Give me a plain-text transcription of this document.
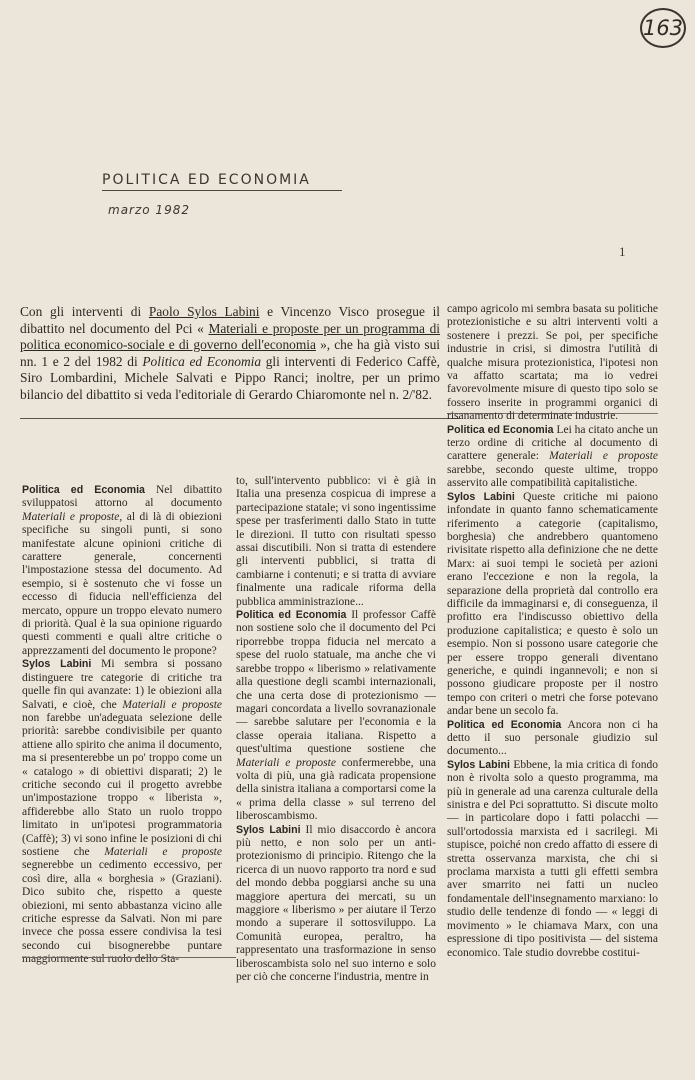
163
POLITICA ED ECONOMIA
marzo 1982
1
Con gli interventi di Paolo Sylos Labini e Vincenzo Visco prosegue il dibattito nel documento del Pci « Materiali e proposte per un programma di politica economico-sociale e di governo dell'economia », che ha già visto sui nn. 1 e 2 del 1982 di Politica ed Economia gli interventi di Federico Caffè, Siro Lombardini, Michele Salvati e Pippo Ranci; inoltre, per un primo bilancio del dibattito si veda l'editoriale di Gerardo Chiaromonte nel n. 2/'82.

Politica ed Economia Nel dibattito sviluppatosi attorno al documento Materiali e proposte, al di là di obiezioni specifiche su singoli punti, si sono manifestate alcune opinioni critiche di carattere generale, concernenti l'impostazione stessa del documento. Ad esempio, si è sostenuto che vi fosse un eccesso di fiducia nell'efficienza del mercato, oppure un troppo elevato numero di priorità. Qual è la sua opinione riguardo questi commenti e quali altre critiche o apprezzamenti del documento le propone?

Sylos Labini Mi sembra si possano distinguere tre categorie di critiche tra quelle fin qui avanzate: 1) le obiezioni alla Salvati, e cioè, che Materiali e proposte non farebbe un'adeguata selezione delle priorità: sarebbe condivisibile per quanto attiene allo spirito che anima il documento, ma si presenterebbe un po' troppo come un « catalogo » di obiettivi disparati; 2) le critiche secondo cui il progetto avrebbe un'impostazione troppo « liberista », affiderebbe allo Stato un ruolo troppo limitato in un'ipotesi programmatoria (Caffè); 3) vi sono infine le posizioni di chi sostiene che Materiali e proposte segnerebbe un cedimento eccessivo, per così dire, alla « borghesia » (Graziani). Dico subito che, rispetto a queste obiezioni, mi sento abbastanza vicino alle critiche espresse da Salvati. Non mi pare invece che possa essere condivisa la tesi secondo cui bisognerebbe puntare maggiormente sul ruolo dello Sta-

to, sull'intervento pubblico: vi è già in Italia una presenza cospicua di imprese a partecipazione statale; vi sono ingentissime spese per trasferimenti dallo Stato in tutte le direzioni. Il tutto con risultati spesso assai discutibili. Non si tratta di estendere gli interventi pubblici, si tratta di cambiarne i contenuti; e si tratta di avviare finalmente una radicale riforma della pubblica amministrazione...

Politica ed Economia Il professor Caffè non sostiene solo che il documento del Pci riporrebbe troppa fiducia nel mercato a spese del ruolo statuale, ma anche che vi sarebbe troppo « liberismo » relativamente alla questione degli scambi internazionali, che una certa dose di protezionismo — magari concordata a livello sovranazionale — sarebbe salutare per l'economia e la classe operaia italiana. Rispetto a quest'ultima questione sostiene che Materiali e proposte confermerebbe, una volta di più, una già radicata propensione della sinistra italiana a comportarsi come la « prima della classe » sul terreno del liberoscambismo.

Sylos Labini Il mio disaccordo è ancora più netto, e non solo per un anti-protezionismo di principio. Ritengo che la ricerca di un nuovo rapporto tra nord e sud del mondo debba poggiarsi anche su una maggiore apertura dei mercati, su un maggiore « liberismo » per aiutare il Terzo mondo a superare il sottosviluppo. La Comunità europea, peraltro, ha rappresentato una trasformazione in senso liberoscambista solo nel suo interno e solo per ciò che concerne l'industria, mentre in

campo agricolo mi sembra basata su politiche protezionistiche e su altri interventi volti a sostenere i prezzi. Se poi, per specifiche industrie in crisi, si dimostra l'utilità di qualche misura protezionistica, l'ipotesi non va affatto scartata; ma io vedrei favorevolmente misure di questo tipo solo se fossero inserite in programmi organici di risanamento di determinate industrie.

Politica ed Economia Lei ha citato anche un terzo ordine di critiche al documento di carattere generale: Materiali e proposte sarebbe, secondo queste ultime, troppo asservito alle compatibilità capitalistiche.

Sylos Labini Queste critiche mi paiono infondate in quanto fanno schematicamente riferimento a categorie (capitalismo, borghesia) che andrebbero quantomeno rivisitate rispetto alla definizione che ne dette Marx: ai suoi tempi le società per azioni erano l'eccezione e non la regola, la separazione della proprietà dal controllo era difficile da immaginarsi e, di conseguenza, il profitto era l'indiscusso obiettivo della produzione capitalistica; e questo è solo un esempio. Non si possono usare categorie che per essere troppo generali diventano generiche, e quindi ingannevoli; e non si possono giudicare proposte per il nostro tempo con criteri o metri che forse potevano andar bene un secolo fa.

Politica ed Economia Ancora non ci ha detto il suo personale giudizio sul documento...

Sylos Labini Ebbene, la mia critica di fondo non è rivolta solo a questo programma, ma più in generale ad una carenza culturale della sinistra e del Pci soprattutto. Si discute molto — in particolare dopo i fatti polacchi — sull'ortodossia marxista ed i sacrilegi. Mi stupisce, poiché non credo affatto di essere di stretta osservanza marxista, che chi si proclama marxista a tutti gli effetti sembra aver smarrito nei fatti un nucleo fondamentale dell'insegnamento marxiano: lo studio delle tendenze di fondo — « leggi di movimento » le chiamava Marx, con una espressione di tipo positivista — del sistema economico. Tale studio dovrebbe costitui-
